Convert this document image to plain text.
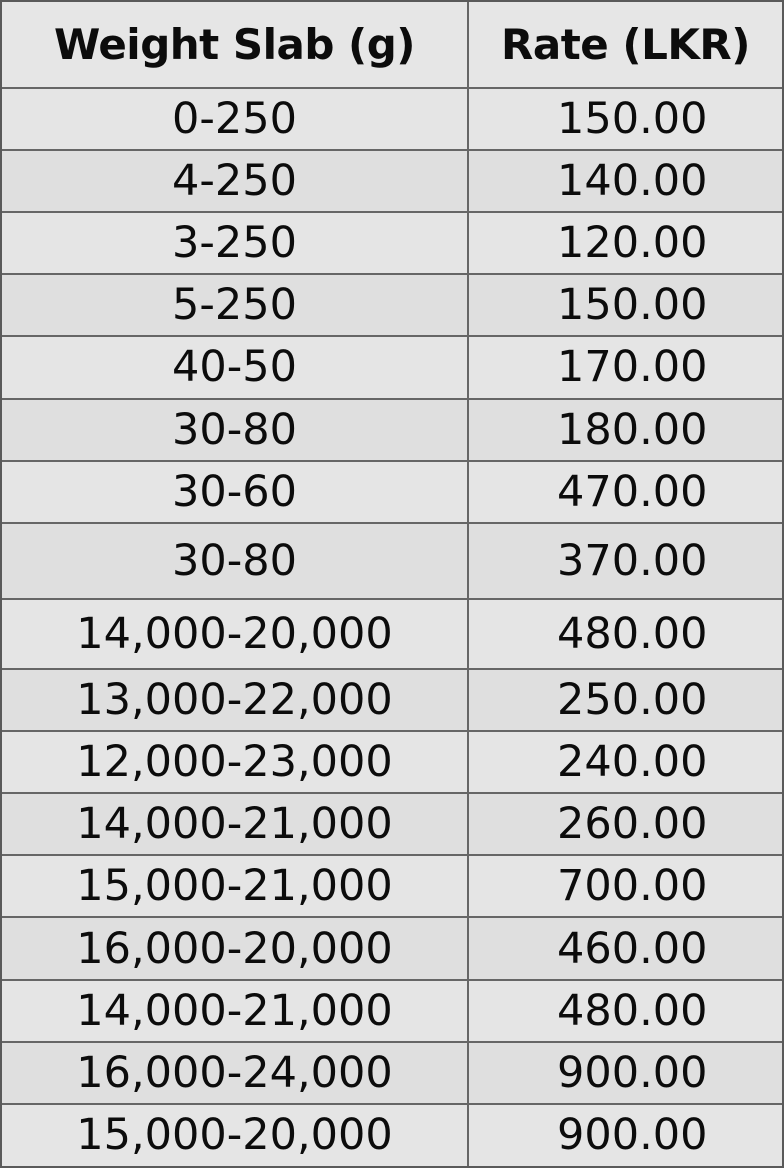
Weight Slab (g)	Rate (LKR)
0-250	150.00
4-250	140.00
3-250	120.00
5-250	150.00
40-50	170.00
30-80	180.00
30-60	470.00
30-80	370.00
14,000-20,000	480.00
13,000-22,000	250.00
12,000-23,000	240.00
14,000-21,000	260.00
15,000-21,000	700.00
16,000-20,000	460.00
14,000-21,000	480.00
16,000-24,000	900.00
15,000-20,000	900.00
